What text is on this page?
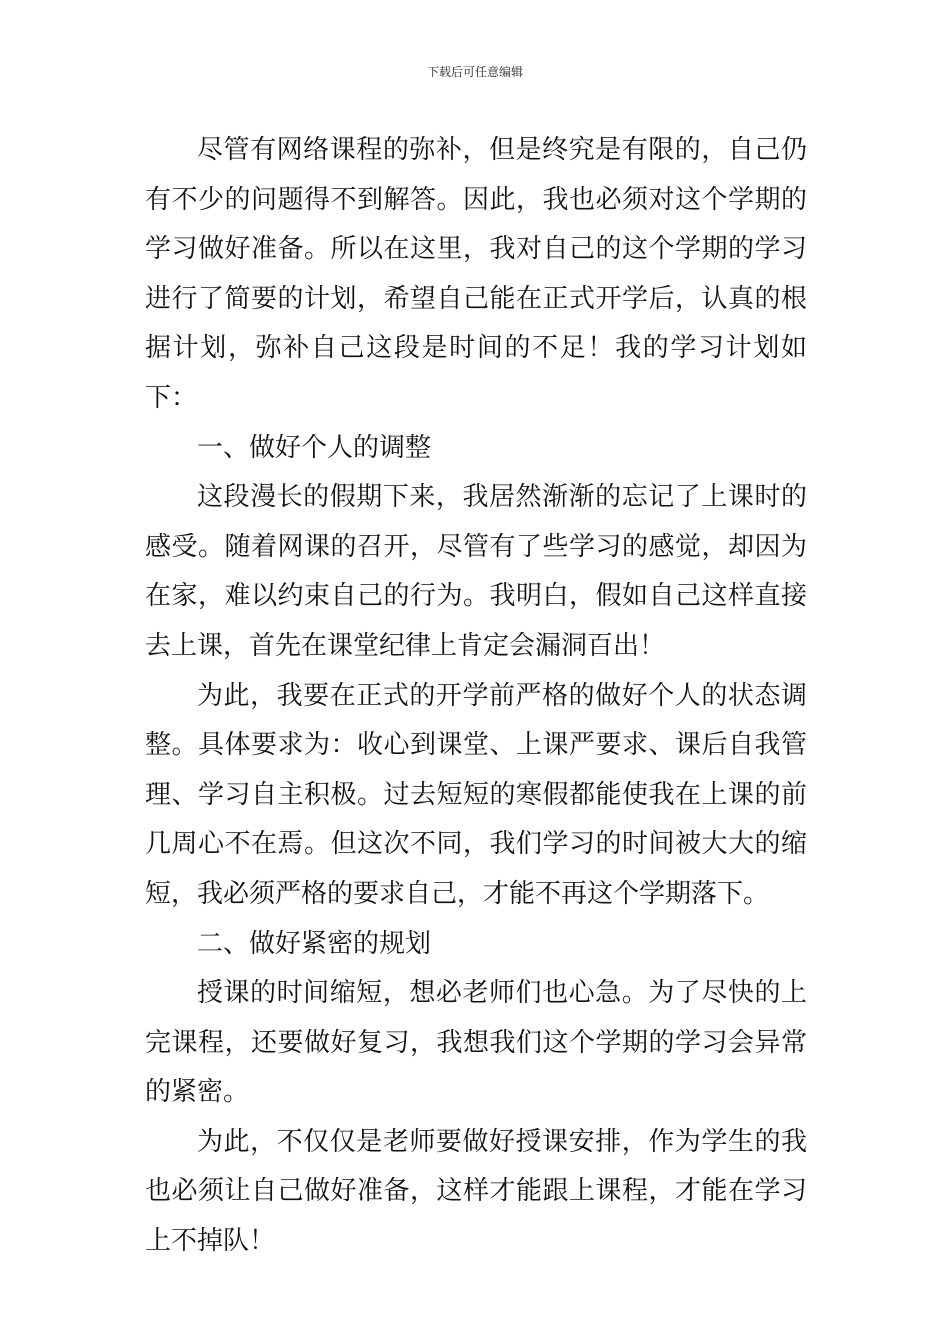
下载后可任意编辑

尽管有网络课程的弥补，但是终究是有限的，自己仍有不少的问题得不到解答。因此，我也必须对这个学期的学习做好准备。所以在这里，我对自己的这个学期的学习进行了简要的计划，希望自己能在正式开学后，认真的根据计划，弥补自己这段是时间的不足！我的学习计划如下：

一、做好个人的调整

这段漫长的假期下来，我居然渐渐的忘记了上课时的感受。随着网课的召开，尽管有了些学习的感觉，却因为在家，难以约束自己的行为。我明白，假如自己这样直接去上课，首先在课堂纪律上肯定会漏洞百出！

为此，我要在正式的开学前严格的做好个人的状态调整。具体要求为：收心到课堂、上课严要求、课后自我管理、学习自主积极。过去短短的寒假都能使我在上课的前几周心不在焉。但这次不同，我们学习的时间被大大的缩短，我必须严格的要求自己，才能不再这个学期落下。

二、做好紧密的规划

授课的时间缩短，想必老师们也心急。为了尽快的上完课程，还要做好复习，我想我们这个学期的学习会异常的紧密。

为此，不仅仅是老师要做好授课安排，作为学生的我也必须让自己做好准备，这样才能跟上课程，才能在学习上不掉队！
